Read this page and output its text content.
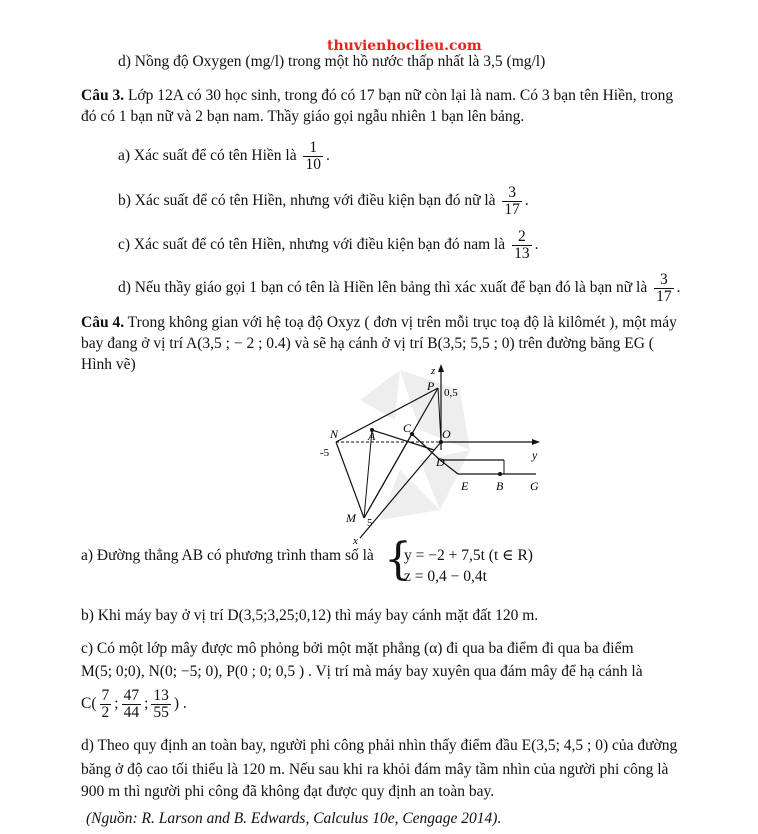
thuvienhoclieu.com
d) Nồng độ Oxygen (mg/l) trong một hồ nước thấp nhất là 3,5 (mg/l)
Câu 3. Lớp 12A có 30 học sinh, trong đó có 17 bạn nữ còn lại là nam. Có 3 bạn tên Hiền, trong
đó có 1 bạn nữ và 2 bạn nam. Thầy giáo gọi ngẫu nhiên 1 bạn lên bảng.
a) Xác suất để có tên Hiền là $\frac{1}{10}$ .
b) Xác suất để có tên Hiền, nhưng với điều kiện bạn đó nữ là $\frac{3}{17}$ .
c) Xác suất để có tên Hiền, nhưng với điều kiện bạn đó nam là $\frac{2}{13}$ .
d) Nếu thầy giáo gọi 1 bạn có tên là Hiền lên bảng thì xác xuất để bạn đó là bạn nữ là $\frac{3}{17}$ .
Câu 4. Trong không gian với hệ toạ độ Oxyz ( đơn vị trên mỗi trục toạ độ là kilômét ), một máy
bay đang ở vị trí A(3,5 ; − 2 ; 0.4) và sẽ hạ cánh ở vị trí B(3,5; 5,5 ; 0) trên đường băng EG (
Hình vẽ)	z
P 0,5
N
-5
A
C	O
D	y
E B G
M 5
x
a) Đường thẳng AB có phương trình tham số là {
y = −2 + 7,5t (t ∈ R)
z = 0,4 − 0,4t
b) Khi máy bay ở vị trí D(3,5;3,25;0,12) thì máy bay cánh mặt đất 120 m.
c) Có một lớp mây được mô phỏng bởi một mặt phẳng (α) đi qua ba điểm đi qua ba điểm
M(5; 0;0), N(0; −5; 0), P(0 ; 0; 0,5 ) . Vị trí mà máy bay xuyên qua đám mây để hạ cánh là
$C( \frac{7}{2}$ ; $\frac{47}{44}$ ; $\frac{13}{55}$ ) .
d) Theo quy định an toàn bay, người phi công phải nhìn thấy điểm đầu E(3,5; 4,5 ; 0) của đường
băng ở độ cao tối thiểu là 120 m. Nếu sau khi ra khỏi đám mây tầm nhìn của người phi công là
900 m thì người phi công đã không đạt được quy định an toàn bay.
(Nguồn: R. Larson and B. Edwards, Calculus 10e, Cengage 2014).
